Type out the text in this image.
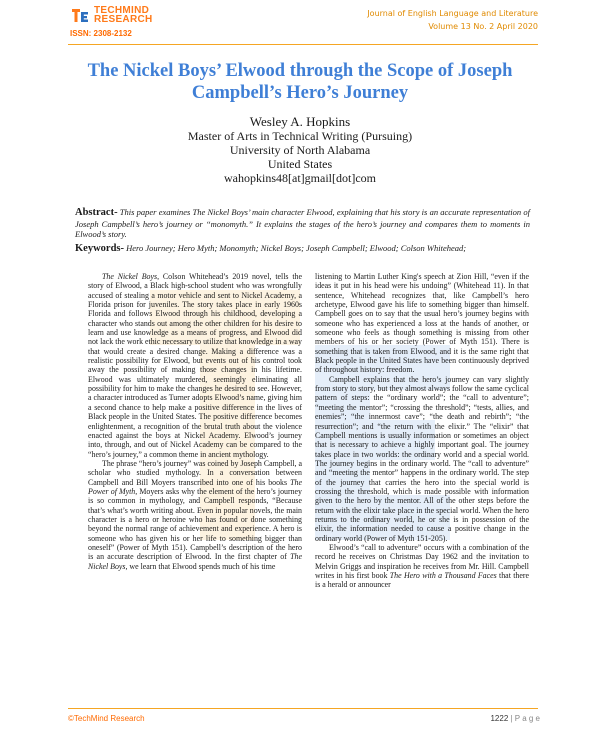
TECHMIND
RESEARCH
ISSN: 2308-2132
Journal of English Language and Literature
Volume 13 No. 2 April 2020
The Nickel Boys’ Elwood through the Scope of Joseph Campbell’s Hero’s Journey
Wesley A. Hopkins
Master of Arts in Technical Writing (Pursuing)
University of North Alabama
United States
wahopkins48[at]gmail[dot]com
Abstract- This paper examines The Nickel Boys’ main character Elwood, explaining that his story is an accurate representation of Joseph Campbell’s hero’s journey or “monomyth.” It explains the stages of the hero’s journey and compares them to moments in Elwood’s story.
Keywords- Hero Journey; Hero Myth; Monomyth; Nickel Boys; Joseph Campbell; Elwood; Colson Whitehead;

The Nickel Boys, Colson Whitehead’s 2019 novel, tells the story of Elwood, a Black high-school student who was wrongfully accused of stealing a motor vehicle and sent to Nickel Academy, a Florida prison for juveniles. The story takes place in early 1960s Florida and follows Elwood through his childhood, developing a character who stands out among the other children for his desire to learn and use knowledge as a means of progress, and Elwood did not lack the work ethic necessary to utilize that knowledge in a way that would create a desired change. Making a difference was a realistic possibility for Elwood, but events out of his control took away the possibility of making those changes in his lifetime. Elwood was ultimately murdered, seemingly eliminating all possibility for him to make the changes he desired to see. However, a character introduced as Turner adopts Elwood’s name, giving him a second chance to help make a positive difference in the lives of Black people in the United States. The positive difference becomes enlightenment, a recognition of the brutal truth about the violence enacted against the boys at Nickel Academy. Elwood’s journey into, through, and out of Nickel Academy can be compared to the “hero’s journey,” a common theme in ancient mythology.

The phrase “hero’s journey” was coined by Joseph Campbell, a scholar who studied mythology. In a conversation between Campbell and Bill Moyers transcribed into one of his books The Power of Myth, Moyers asks why the element of the hero’s journey is so common in mythology, and Campbell responds, “Because that’s what’s worth writing about. Even in popular novels, the main character is a hero or heroine who has found or done something beyond the normal range of achievement and experience. A hero is someone who has given his or her life to something bigger than oneself” (Power of Myth 151). Campbell’s description of the hero is an accurate description of Elwood. In the first chapter of The Nickel Boys, we learn that Elwood spends much of his time

listening to Martin Luther King's speech at Zion Hill, “even if the ideas it put in his head were his undoing” (Whitehead 11). In that sentence, Whitehead recognizes that, like Campbell’s hero archetype, Elwood gave his life to something bigger than himself. Campbell goes on to say that the usual hero’s journey begins with someone who has experienced a loss at the hands of another, or someone who feels as though something is missing from other members of his or her society (Power of Myth 151). There is something that is taken from Elwood, and it is the same right that Black people in the United States have been continuously deprived of throughout history: freedom.

Campbell explains that the hero’s journey can vary slightly from story to story, but they almost always follow the same cyclical pattern of steps: the “ordinary world”; the “call to adventure”; “meeting the mentor”; “crossing the threshold”; “tests, allies, and enemies”; “the innermost cave”; “the death and rebirth”; “the resurrection”; and “the return with the elixir.” The “elixir” that Campbell mentions is usually information or sometimes an object that is necessary to achieve a highly important goal. The journey takes place in two worlds: the ordinary world and a special world. The journey begins in the ordinary world. The “call to adventure” and “meeting the mentor” happens in the ordinary world. The step of the journey that carries the hero into the special world is crossing the threshold, which is made possible with information given to the hero by the mentor. All of the other steps before the return with the elixir take place in the special world. When the hero returns to the ordinary world, he or she is in possession of the elixir, the information needed to cause a positive change in the ordinary world (Power of Myth 151-205).

Elwood’s “call to adventure” occurs with a combination of the record he receives on Christmas Day 1962 and the invitation to Melvin Griggs and inspiration he receives from Mr. Hill. Campbell writes in his first book The Hero with a Thousand Faces that there is a herald or announcer

©TechMind Research	1222 | P a g e
